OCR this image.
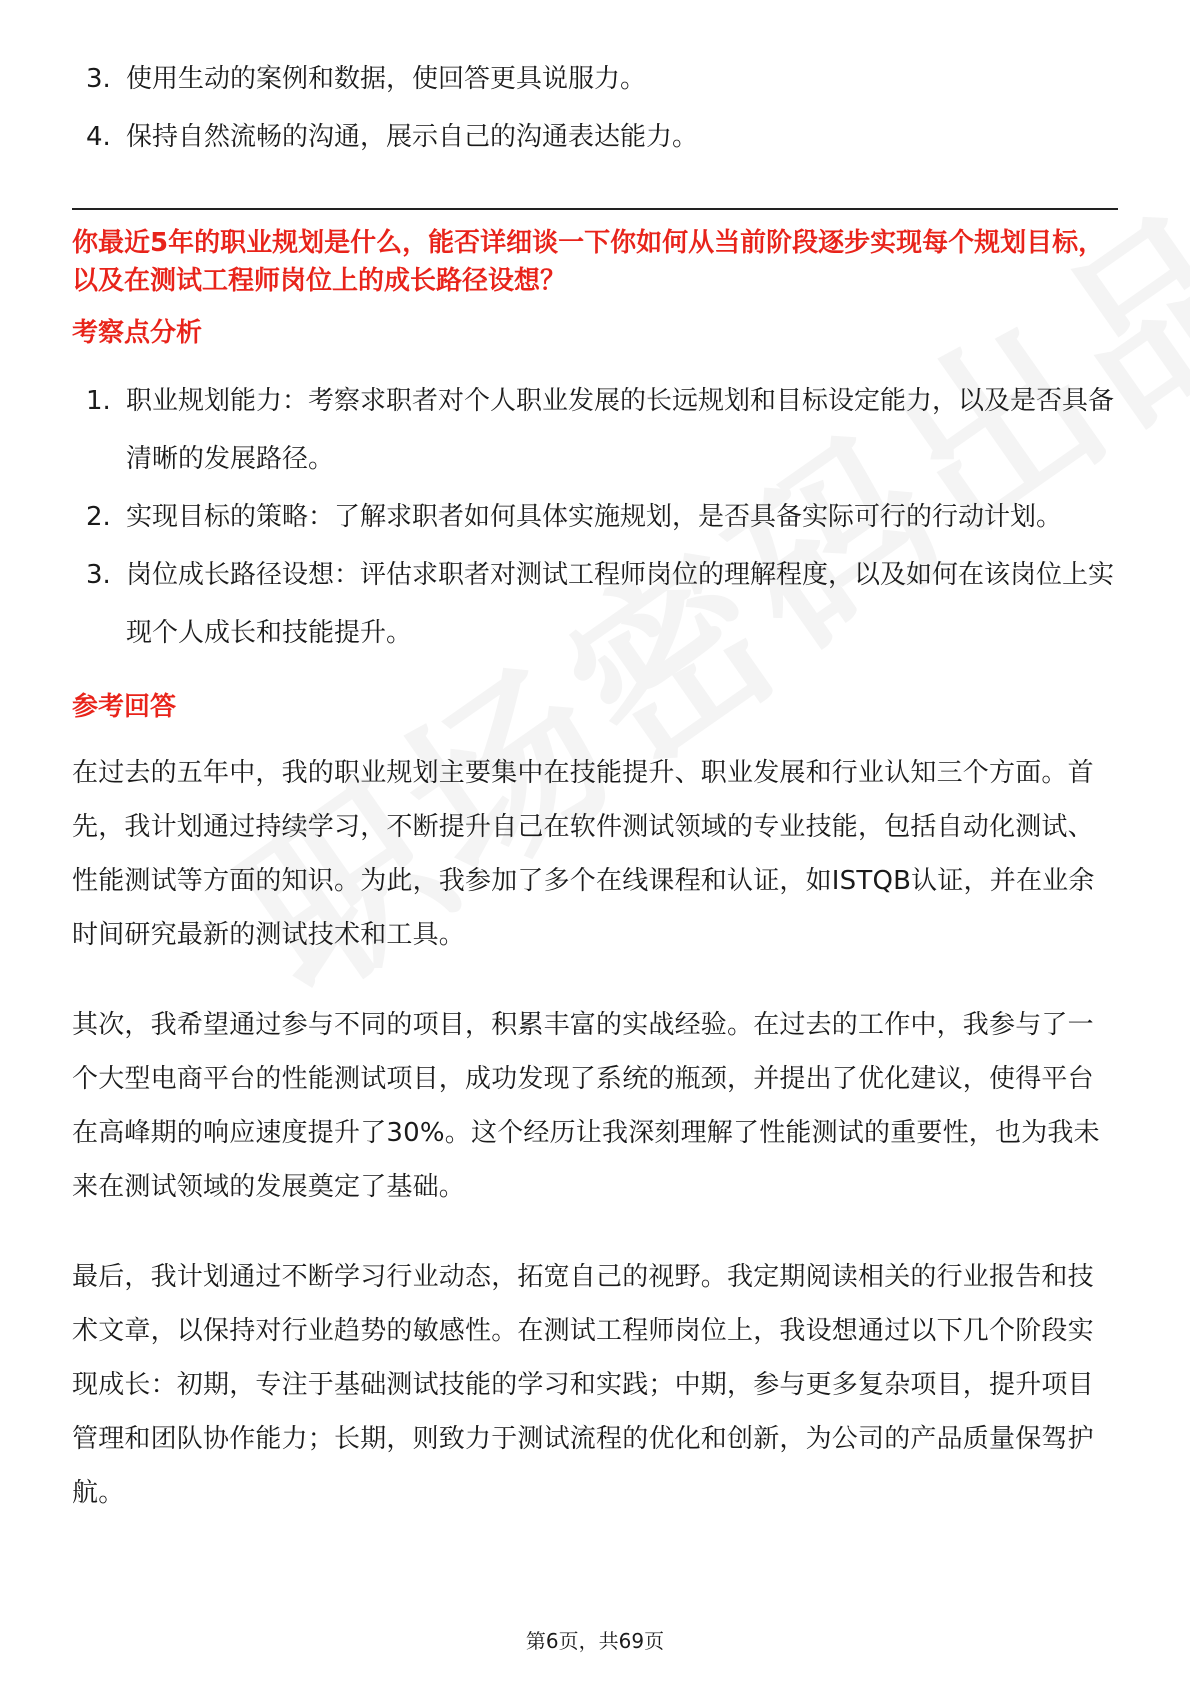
3. 使用生动的案例和数据，使回答更具说服力。
4. 保持自然流畅的沟通，展示自己的沟通表达能力。

你最近5年的职业规划是什么，能否详细谈一下你如何从当前阶段逐步实现每个规划目标，以及在测试工程师岗位上的成长路径设想？

考察点分析
1. 职业规划能力：考察求职者对个人职业发展的长远规划和目标设定能力，以及是否具备清晰的发展路径。
2. 实现目标的策略：了解求职者如何具体实施规划，是否具备实际可行的行动计划。
3. 岗位成长路径设想：评估求职者对测试工程师岗位的理解程度，以及如何在该岗位上实现个人成长和技能提升。
参考回答

在过去的五年中，我的职业规划主要集中在技能提升、职业发展和行业认知三个方面。首先，我计划通过持续学习，不断提升自己在软件测试领域的专业技能，包括自动化测试、性能测试等方面的知识。为此，我参加了多个在线课程和认证，如ISTQB认证，并在业余时间研究最新的测试技术和工具。

其次，我希望通过参与不同的项目，积累丰富的实战经验。在过去的工作中，我参与了一个大型电商平台的性能测试项目，成功发现了系统的瓶颈，并提出了优化建议，使得平台在高峰期的响应速度提升了30%。这个经历让我深刻理解了性能测试的重要性，也为我未来在测试领域的发展奠定了基础。

最后，我计划通过不断学习行业动态，拓宽自己的视野。我定期阅读相关的行业报告和技术文章，以保持对行业趋势的敏感性。在测试工程师岗位上，我设想通过以下几个阶段实现成长：初期，专注于基础测试技能的学习和实践；中期，参与更多复杂项目，提升项目管理和团队协作能力；长期，则致力于测试流程的优化和创新，为公司的产品质量保驾护航。

第6页，共69页
